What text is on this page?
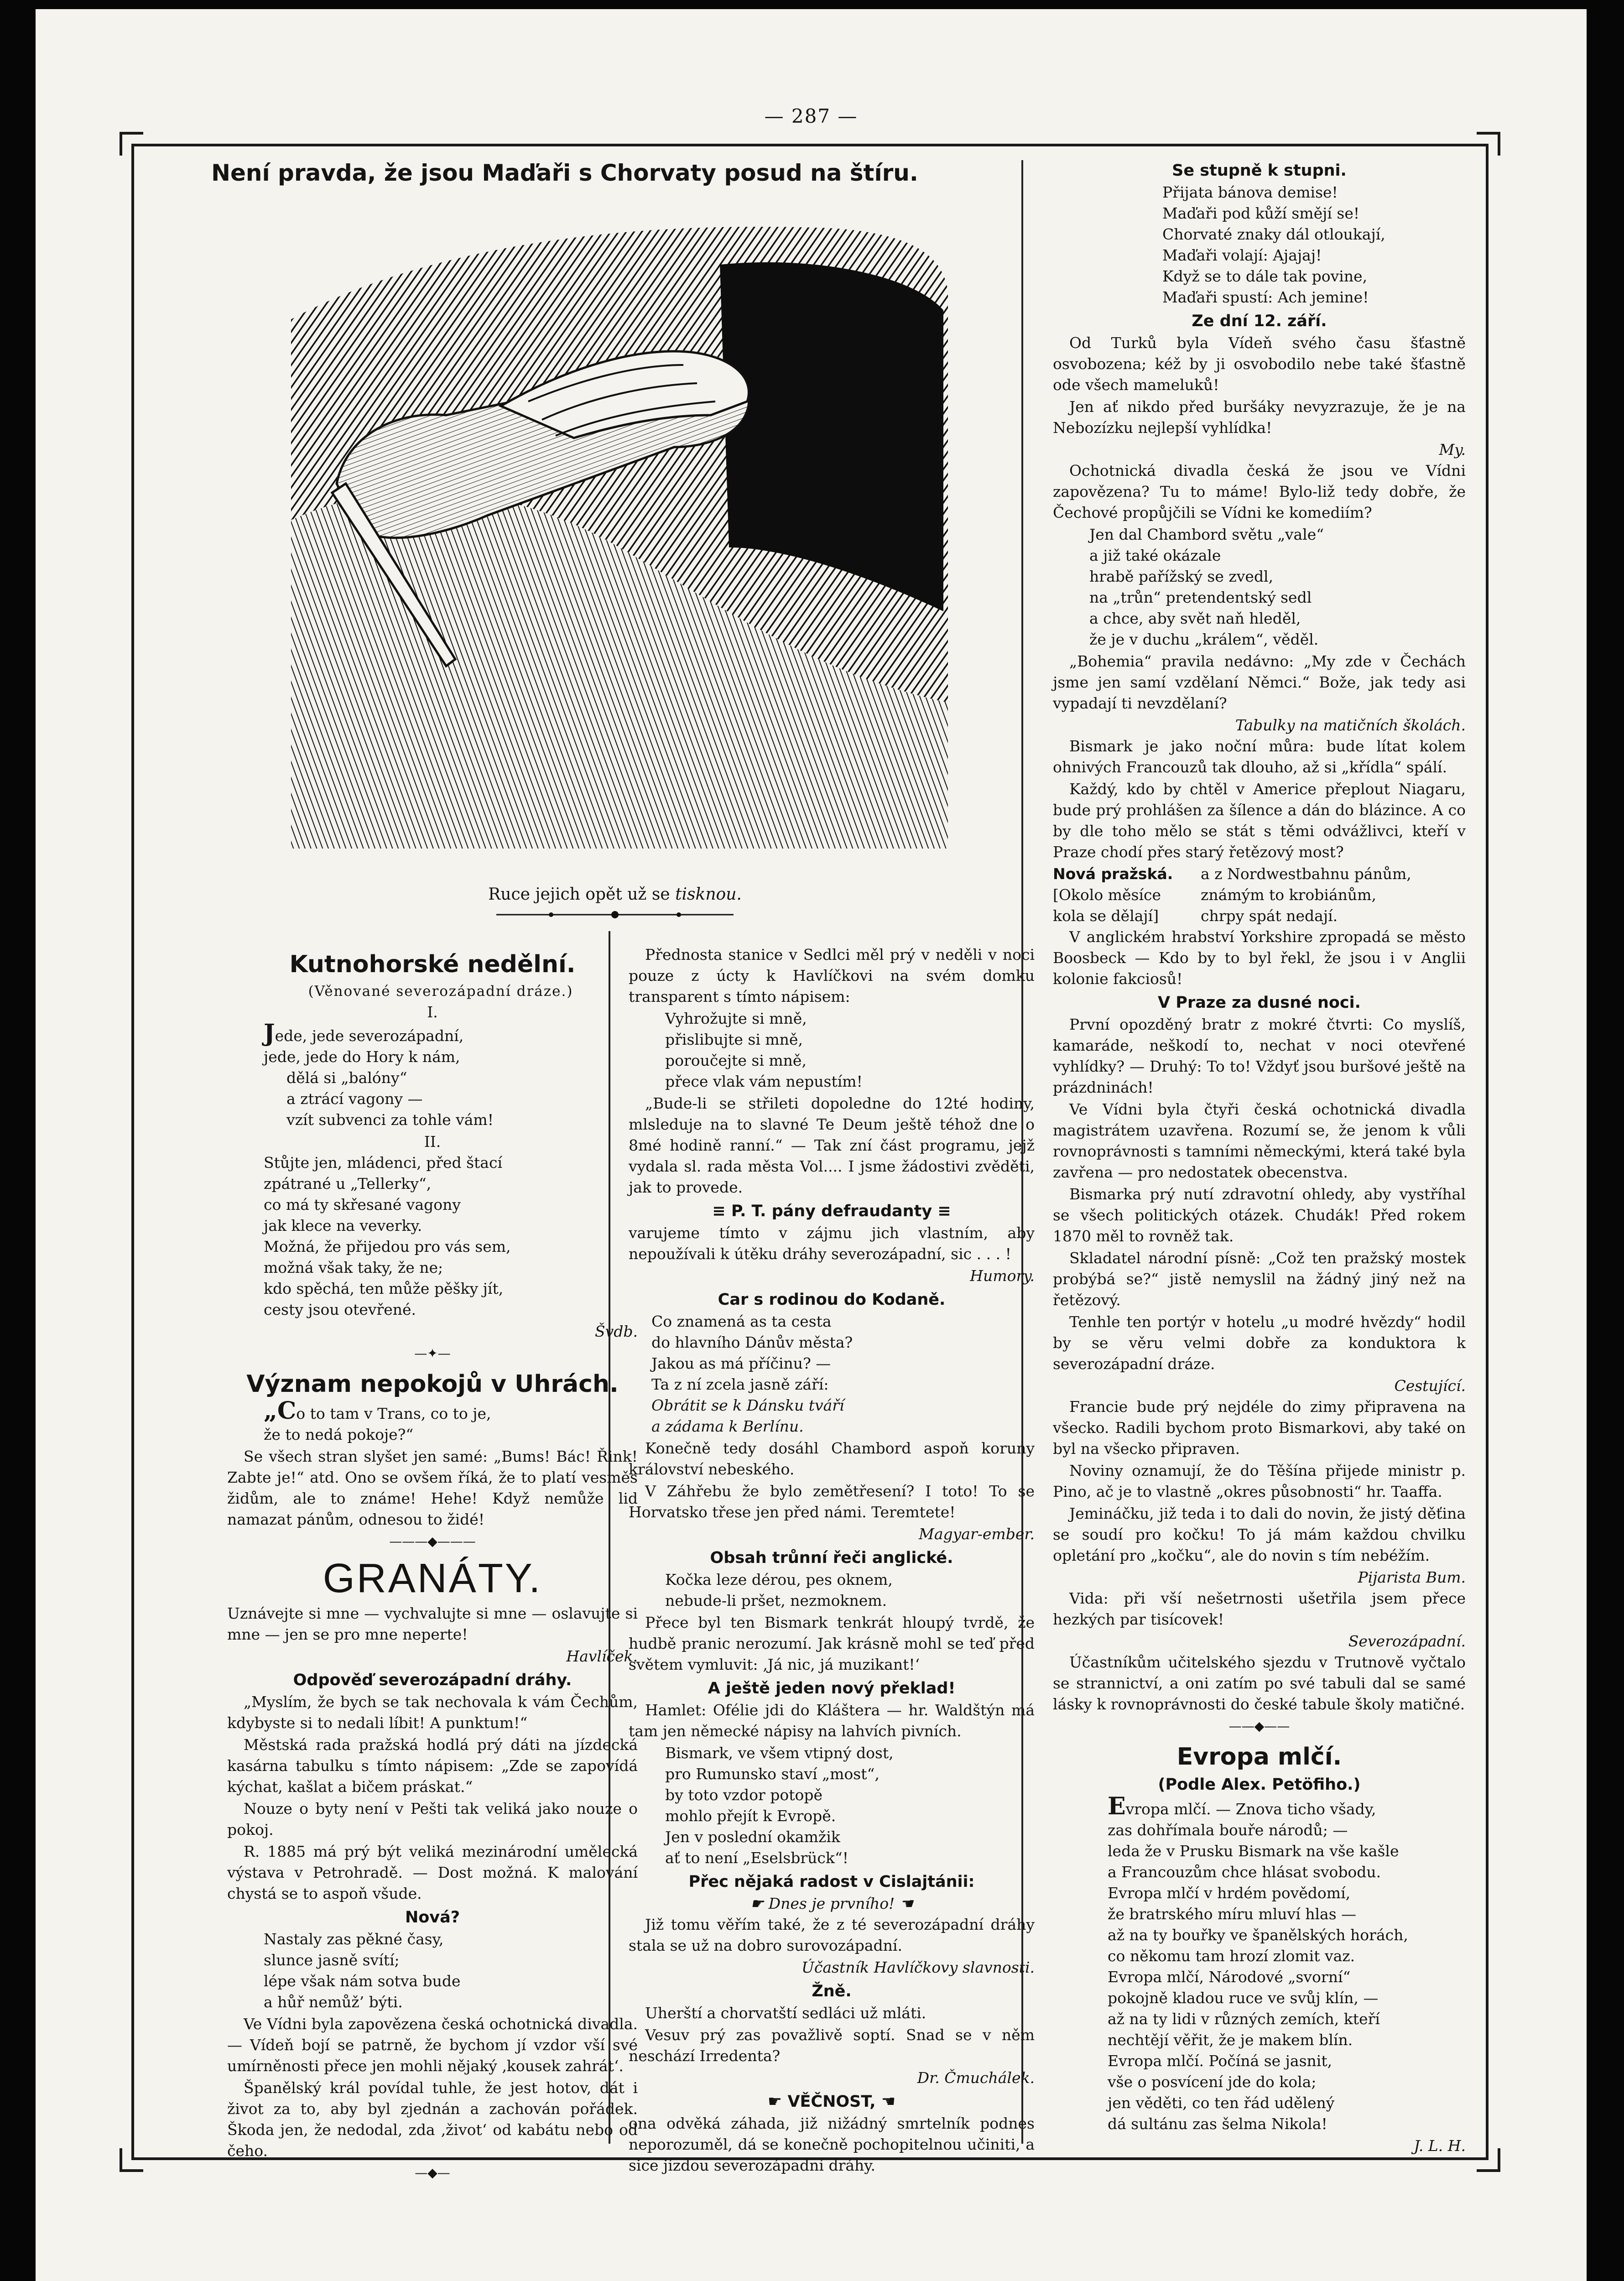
— 287 —
Není pravda, že jsou Maďaři s Chorvaty posud na štíru.
Ruce jejich opět už se tisknou.
Kutnohorské nedělní.

(Věnované severozápadní dráze.)

I.
Jede, jede severozápadní,
jede, jede do Hory k nám,
dělá si „balóny“
a ztrácí vagony —
vzít subvenci za tohle vám!
II.
Stůjte jen, mládenci, před štací
zpátrané u „Tellerky“,
co má ty skřesané vagony
jak klece na veverky.
Možná, že přijedou pro vás sem,
možná však taky, že ne;
kdo spěchá, ten může pěšky jít,
cesty jsou otevřené.

Švdb.

—✦—
Význam nepokojů v Uhrách.
„Co to tam v Trans, co to je,
že to nedá pokoje?“

Se všech stran slyšet jen samé: „Bums! Bác! Řink! Zabte je!“ atd. Ono se ovšem říká, že to platí vesměs židům, ale to známe! Hehe! Když nemůže lid namazat pánům, odnesou to židé!

———◆———
GRANÁTY.

Uznávejte si mne — vychvalujte si mne — oslavujte si mne — jen se pro mne neperte!

Havlíček.

Odpověď severozápadní dráhy.

„Myslím, že bych se tak nechovala k vám Čechům, kdybyste si to nedali líbit! A punktum!“

Městská rada pražská hodlá prý dáti na jízdecká kasárna tabulku s tímto nápisem: „Zde se zapovídá kýchat, kašlat a bičem práskat.“

Nouze o byty není v Pešti tak veliká jako nouze o pokoj.

R. 1885 má prý být veliká mezinárodní umělecká výstava v Petrohradě. — Dost možná. K malování chystá se to aspoň všude.

Nová?
Nastaly zas pěkné časy,
slunce jasně svítí;
lépe však nám sotva bude
a hůř nemůž’ býti.

Ve Vídni byla zapovězena česká ochotnická divadla. — Vídeň bojí se patrně, že bychom jí vzdor vší své umírněnosti přece jen mohli nějaký ‚kousek zahrát‘.

Španělský král povídal tuhle, že jest hotov, dát i život za to, aby byl zjednán a zachován pořádek. Škoda jen, že nedodal, zda ‚život‘ od kabátu nebo od čeho.

—◆—

Přednosta stanice v Sedlci měl prý v neděli v noci pouze z úcty k Havlíčkovi na svém domku transparent s tímto nápisem:

Vyhrožujte si mně,
přislibujte si mně,
poroučejte si mně,
přece vlak vám nepustím!

„Bude-li se střileti dopoledne do 12té hodiny, mlsleduje na to slavné Te Deum ještě téhož dne o 8mé hodině ranní.“ — Tak zní část programu, jejž vydala sl. rada města Vol.... I jsme žádostivi zvěděti, jak to provede.

≡ P. T. pány defraudanty ≡

varujeme tímto v zájmu jich vlastním, aby nepoužívali k útěku dráhy severozápadní, sic . . . !

Humory.

Car s rodinou do Kodaně.
Co znamená as ta cesta
do hlavního Dánův města?
Jakou as má příčinu? —
Ta z ní zcela jasně září:
Obrátit se k Dánsku tváří
a zádama k Berlínu.

Konečně tedy dosáhl Chambord aspoň koruny království nebeského.

V Záhřebu že bylo zemětřesení? I toto! To se Horvatsko třese jen před námi. Teremtete!

Magyar-ember.

Obsah trůnní řeči anglické.
Kočka leze dérou, pes oknem,
nebude-li pršet, nezmoknem.

Přece byl ten Bismark tenkrát hloupý tvrdě, že hudbě pranic nerozumí. Jak krásně mohl se teď před světem vymluvit: ‚Já nic, já muzikant!‘

A ještě jeden nový překlad!

Hamlet: Ofélie jdi do Kláštera — hr. Waldštýn má tam jen německé nápisy na lahvích pivních.

Bismark, ve všem vtipný dost,
pro Rumunsko staví „most“,
by toto vzdor potopě
mohlo přejít k Evropě.
Jen v poslední okamžik
ať to není „Eselsbrück“!
Přec nějaká radost v Cislajtánii:
☛ Dnes je prvního! ☚

Již tomu věřím také, že z té severozápadní dráhy stala se už na dobro surovozápadní.

Účastník Havlíčkovy slavnosti.

Žně.

Uherští a chorvatští sedláci už mláti.

Vesuv prý zas považlivě soptí. Snad se v něm neschází Irredenta?

Dr. Čmuchálek.

☛ VĚČNOST, ☚

ona odvěká záhada, již nižádný smrtelník podnes neporozuměl, dá se konečně pochopitelnou učiniti, a sice jízdou severozápadní dráhy.

Se stupně k stupni.
Přijata bánova demise!
Maďaři pod kůží smějí se!
Chorvaté znaky dál otloukají,
Maďaři volají: Ajajaj!
Když se to dále tak povine,
Maďaři spustí: Ach jemine!
Ze dní 12. září.

Od Turků byla Vídeň svého času šťastně osvobozena; kéž by ji osvobodilo nebe také šťastně ode všech mameluků!

Jen ať nikdo před buršáky nevyzrazuje, že je na Nebozízku nejlepší vyhlídka!

My.

Ochotnická divadla česká že jsou ve Vídni zapovězena? Tu to máme! Bylo-liž tedy dobře, že Čechové propůjčili se Vídni ke komediím?

Jen dal Chambord světu „vale“
a již také okázale
hrabě pařížský se zvedl,
na „trůn“ pretendentský sedl
a chce, aby svět naň hleděl,
že je v duchu „králem“, věděl.

„Bohemia“ pravila nedávno: „My zde v Čechách jsme jen samí vzdělaní Němci.“ Bože, jak tedy asi vypadají ti nevzdělaní?

Tabulky na matičních školách.

Bismark je jako noční můra: bude lítat kolem ohnivých Francouzů tak dlouho, až si „křídla“ spálí.

Každý, kdo by chtěl v Americe přeplout Niagaru, bude prý prohlášen za šílence a dán do blázince. A co by dle toho mělo se stát s těmi odvážlivci, kteří v Praze chodí přes starý řetězový most?

Nová pražská.
[Okolo měsíce
kola se dělají]
a z Nordwestbahnu pánům,
známým to krobiánům,
chrpy spát nedají.

V anglickém hrabství Yorkshire zpropadá se město Boosbeck — Kdo by to byl řekl, že jsou i v Anglii kolonie fakciosů!

V Praze za dusné noci.

První opozděný bratr z mokré čtvrti: Co myslíš, kamaráde, neškodí to, nechat v noci otevřené vyhlídky? — Druhý: To to! Vždyť jsou buršové ještě na prázdninách!

Ve Vídni byla čtyři česká ochotnická divadla magistrátem uzavřena. Rozumí se, že jenom k vůli rovnoprávnosti s tamními německými, která také byla zavřena — pro nedostatek obecenstva.

Bismarka prý nutí zdravotní ohledy, aby vystříhal se všech politických otázek. Chudák! Před rokem 1870 měl to rovněž tak.

Skladatel národní písně: „Což ten pražský mostek probýbá se?“ jistě nemyslil na žádný jiný než na řetězový.

Tenhle ten portýr v hotelu „u modré hvězdy“ hodil by se věru velmi dobře za konduktora k severozápadní dráze.

Cestující.

Francie bude prý nejdéle do zimy připravena na všecko. Radili bychom proto Bismarkovi, aby také on byl na všecko připraven.

Noviny oznamují, že do Těšína přijede ministr p. Pino, ač je to vlastně „okres působnosti“ hr. Taaffa.

Jemináčku, již teda i to dali do novin, že jistý děťina se soudí pro kočku! To já mám každou chvilku opletání pro „kočku“, ale do novin s tím nebéžím.

Pijarista Bum.

Vida: při vší nešetrnosti ušetřila jsem přece hezkých par tisícovek!

Severozápadní.

Účastníkům učitelského sjezdu v Trutnově vyčtalo se strannictví, a oni zatím po své tabuli dal se samé lásky k rovnoprávnosti do české tabule školy matičné.

——◆——
Evropa mlčí.
(Podle Alex. Petöfiho.)
Evropa mlčí. — Znova ticho všady,
zas dohřímala bouře národů; —
leda že v Prusku Bismark na vše kašle
a Francouzům chce hlásat svobodu.
Evropa mlčí v hrdém povědomí,
že bratrského míru mluví hlas —
až na ty bouřky ve španělských horách,
co někomu tam hrozí zlomit vaz.
Evropa mlčí, Národové „svorní“
pokojně kladou ruce ve svůj klín, —
až na ty lidi v různých zemích, kteří
nechtějí věřit, že je makem blín.
Evropa mlčí. Počíná se jasnit,
vše o posvícení jde do kola;
jen věděti, co ten řád udělený
dá sultánu zas šelma Nikola!

J. L. H.
